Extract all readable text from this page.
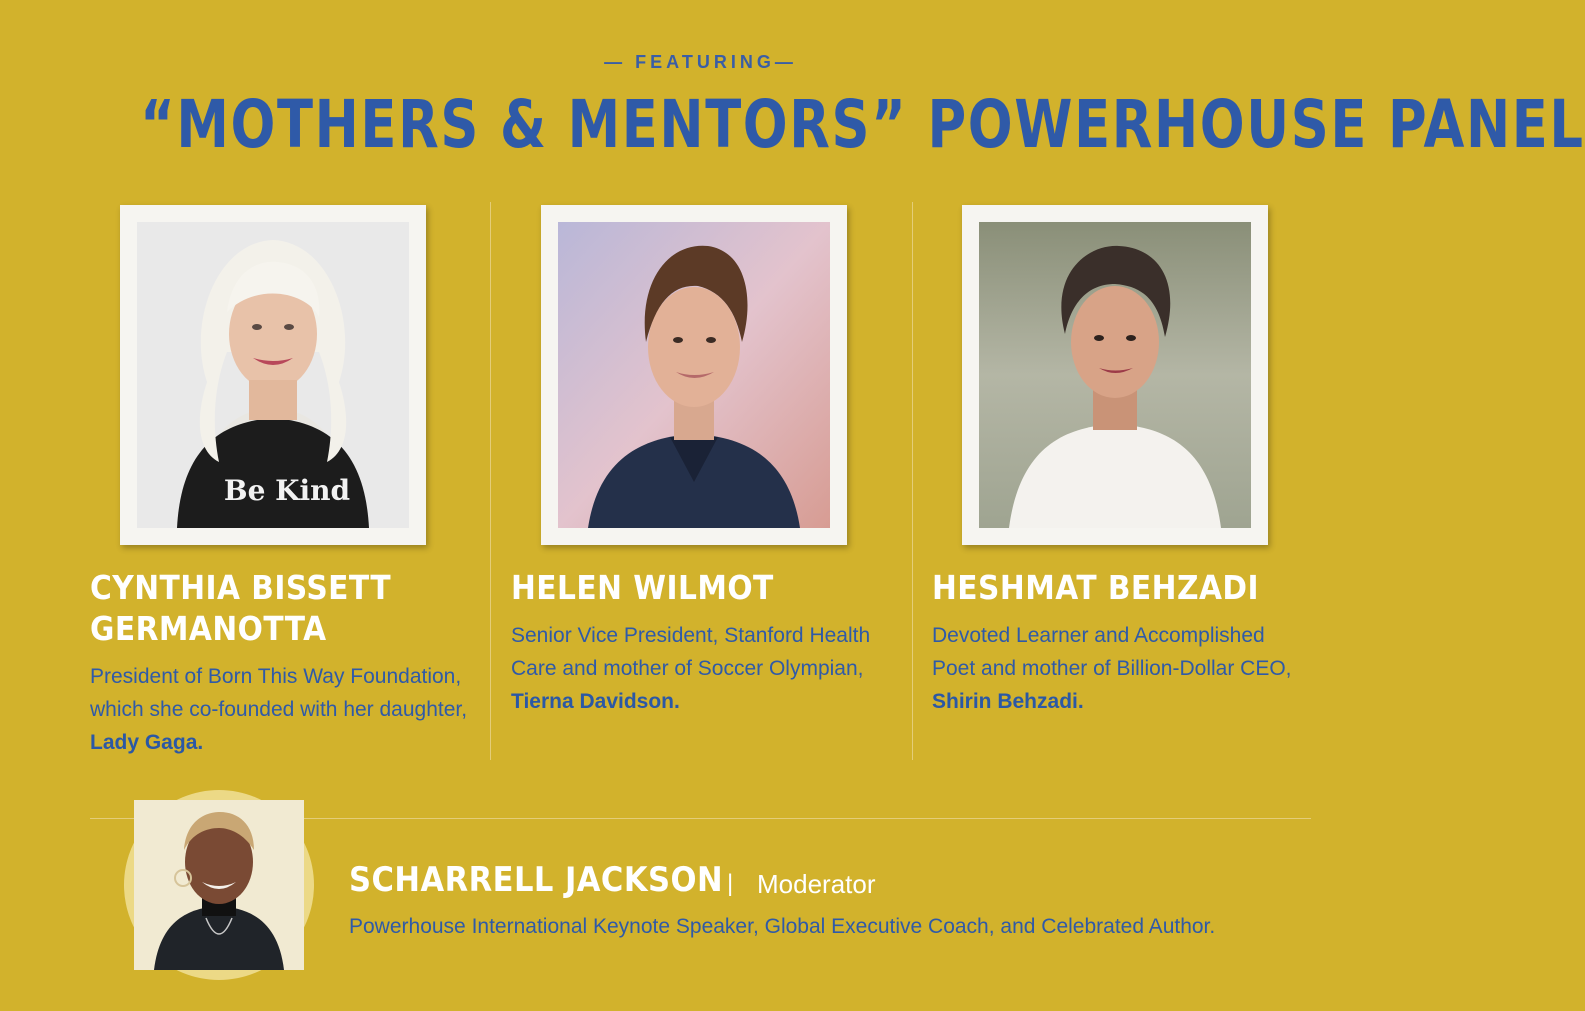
— FEATURING—
“MOTHERS & MENTORS” POWERHOUSE PANEL
Be Kind
CYNTHIA BISSETT GERMANOTTA
President of Born This Way Foundation, which she co-founded with her daughter, Lady Gaga.
HELEN WILMOT
Senior Vice President, Stanford Health Care and mother of Soccer Olympian, Tierna Davidson.
HESHMAT BEHZADI
Devoted Learner and Accomplished Poet and mother of Billion-Dollar CEO, Shirin Behzadi.
SCHARRELL JACKSON | Moderator
Powerhouse International Keynote Speaker, Global Executive Coach, and Celebrated Author.
